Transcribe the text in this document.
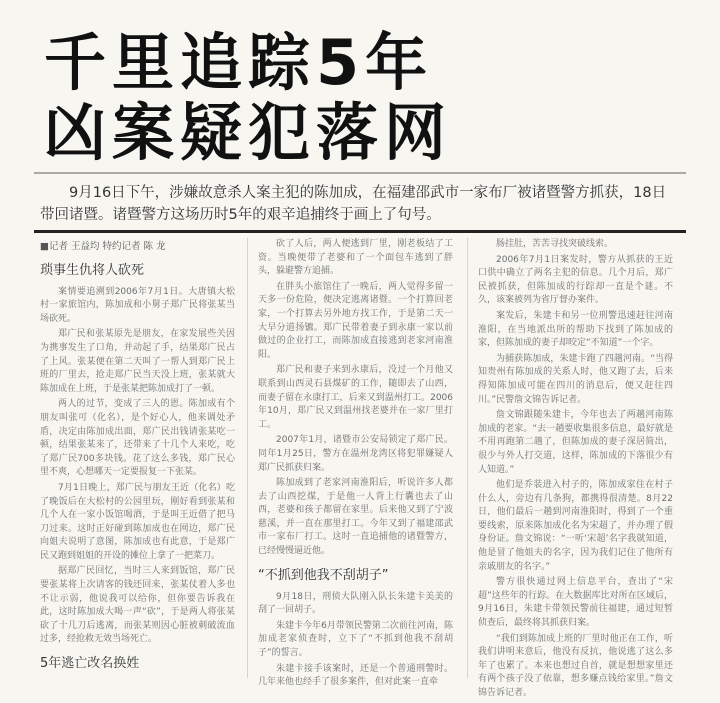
千里追踪5年
凶案疑犯落网

9月16日下午，涉嫌故意杀人案主犯的陈加成，在福建邵武市一家布厂被诸暨警方抓获，18日带回诸暨。诸暨警方这场历时5年的艰辛追捕终于画上了句号。

■记者 王益均 特约记者 陈 龙

琐事生仇将人砍死

案情要追溯到2006年7月1日。大唐镇大松村一家旅馆内，陈加成和小舅子郑广民将张某当场砍死。

郑广民和张某原先是朋友，在家发展些关因为携事发生了口角，并动起了手，结果郑广民占了上风。张某便在第二天叫了一帮人到郑广民上班的厂里去，抢走郑广民当天没上班，张某就大陈加成在上班，于是张某把陈加成打了一顿。

两人的过节，变成了三人的恩。陈加成有个朋友叫张可（化名），是个好心人，他来调处矛盾，决定由陈加成出面，郑广民出钱请张某吃一顿，结果张某来了，还带来了十几个人来吃，吃了郑广民700多块钱。花了这么多钱，郑广民心里不爽，心想哪天一定要报复一下张某。

7月1日晚上，郑广民与朋友王近（化名）吃了晚饭后在大松村的公园里玩，刚好看到张某和几个人在一家小饭馆喝酒，于是叫王近借了把马刀过来。这时正好碰到陈加成也在网边，郑广民向姐夫说明了意图，陈加成也有此意，于是郑广民又跑到姐姐的开设的摊位上拿了一把菜刀。

据郑广民回忆，当时三人来到饭馆，郑广民要张某将上次请客的钱还回来，张某仗着人多也不让示弱，他说我可以给你，但你要告诉我在此，这时陈加成大喝一声“砍”，于是两人将张某砍了十几刀后逃离，而张某则因心脏被刺破流血过多，经抢救无效当场死亡。

5年逃亡改名换姓

砍了人后，两人便逃到厂里，刚老板结了工资。当晚便带了老婆和了一个面包车逃到了胖头，躲避警方追捕。

在胖头小旅馆住了一晚后，两人觉得多留一天多一份危险，便决定逃离诸暨。一个打算回老家，一个打算去另外地方找工作，于是第二天一大早分道扬镳。郑广民带着妻子到永康一家以前做过的企业打工，而陈加成直接逃到老家河南淮阳。

郑广民和妻子来到永康后，没过一个月他又联系到山西灵石县煤矿的工作，随即去了山西，而妻子留在永康打工，后来又到温州打工。2006年10月，郑广民又到温州找老婆并在一家厂里打工。

2007年1月，诸暨市公安局锁定了郑广民。同年1月25日，警方在温州龙湾区将犯罪嫌疑人郑广民抓获归案。

陈加成到了老家河南淮阳后，听说许多人都去了山西挖煤，于是他一人背上行囊也去了山西，老婆和孩子都留在家里。后来他又到了宁波慈溪，并一直在那里打工。今年又到了福建邵武市一家布厂打工。这时一直追捕他的诸暨警方，已经慢慢逼近他。

“不抓到他我不刮胡子”

9月18日，刑侦大队刚入队长朱建卡美美的刮了一回胡子。

朱建卡今年6月带领民警第二次前往河南，陈加成老家侦查时，立下了“不抓到他我不刮胡子”的誓言。

朱建卡接手该案时，还是一个普通刑警时。几年来他也经手了很多案件，但对此案一直牵

肠挂肚，苦苦寻找突破线索。

2006年7月1日案发时，警方从抓获的王近口供中确立了两名主犯的信息。几个月后，郑广民被抓获，但陈加成的行踪却一直是个谜。不久，该案被列为省厅督办案件。

案发后，朱建卡和另一位刑警迅速赶往河南淮阳，在当地派出所的帮助下找到了陈加成的家，但陈加成的妻子却咬定“不知道”一个字。

为捕获陈加成，朱建卡跑了四趟河南。“当得知贵州有陈加成的关系人时，他又跑了去，后来得知陈加成可能在四川的消息后，便又赶往四川。”民警詹文锦告诉记者。

詹文锦跟随朱建卡，今年也去了两趟河南陈加成的老家。“去一趟要收集很多信息，最好就是不用再跑第二趟了，但陈加成的妻子深居简出，很少与外人打交道，这样，陈加成的下落很少有人知道。”

他们是乔装进入村子的，陈加成家住在村子什么人，旁边有几条狗，都携得很清楚。8月22日，他们最后一趟到河南淮阳时，得到了一个重要线索，原来陈加成化名为宋超了，并办理了假身份证。詹文锦说：“一听‘宋超’名字我就知道，他是冒了他姐夫的名字，因为我们记住了他所有亲戚朋友的名字。”

警方很快通过网上信息平台，查出了“宋超”这些年的行踪。在大数据库比对所在区域后，9月16日，朱建卡带领民警前往福建，通过短暂侦查后，最终将其抓获归案。

“我们到陈加成上班的厂里时他正在工作，听我们讲明来意后，他没有反抗，他说逃了这么多年了也累了。本来也想过自首，就是想想家里还有两个孩子没了依靠，想多赚点钱给家里。”詹文锦告诉记者。
